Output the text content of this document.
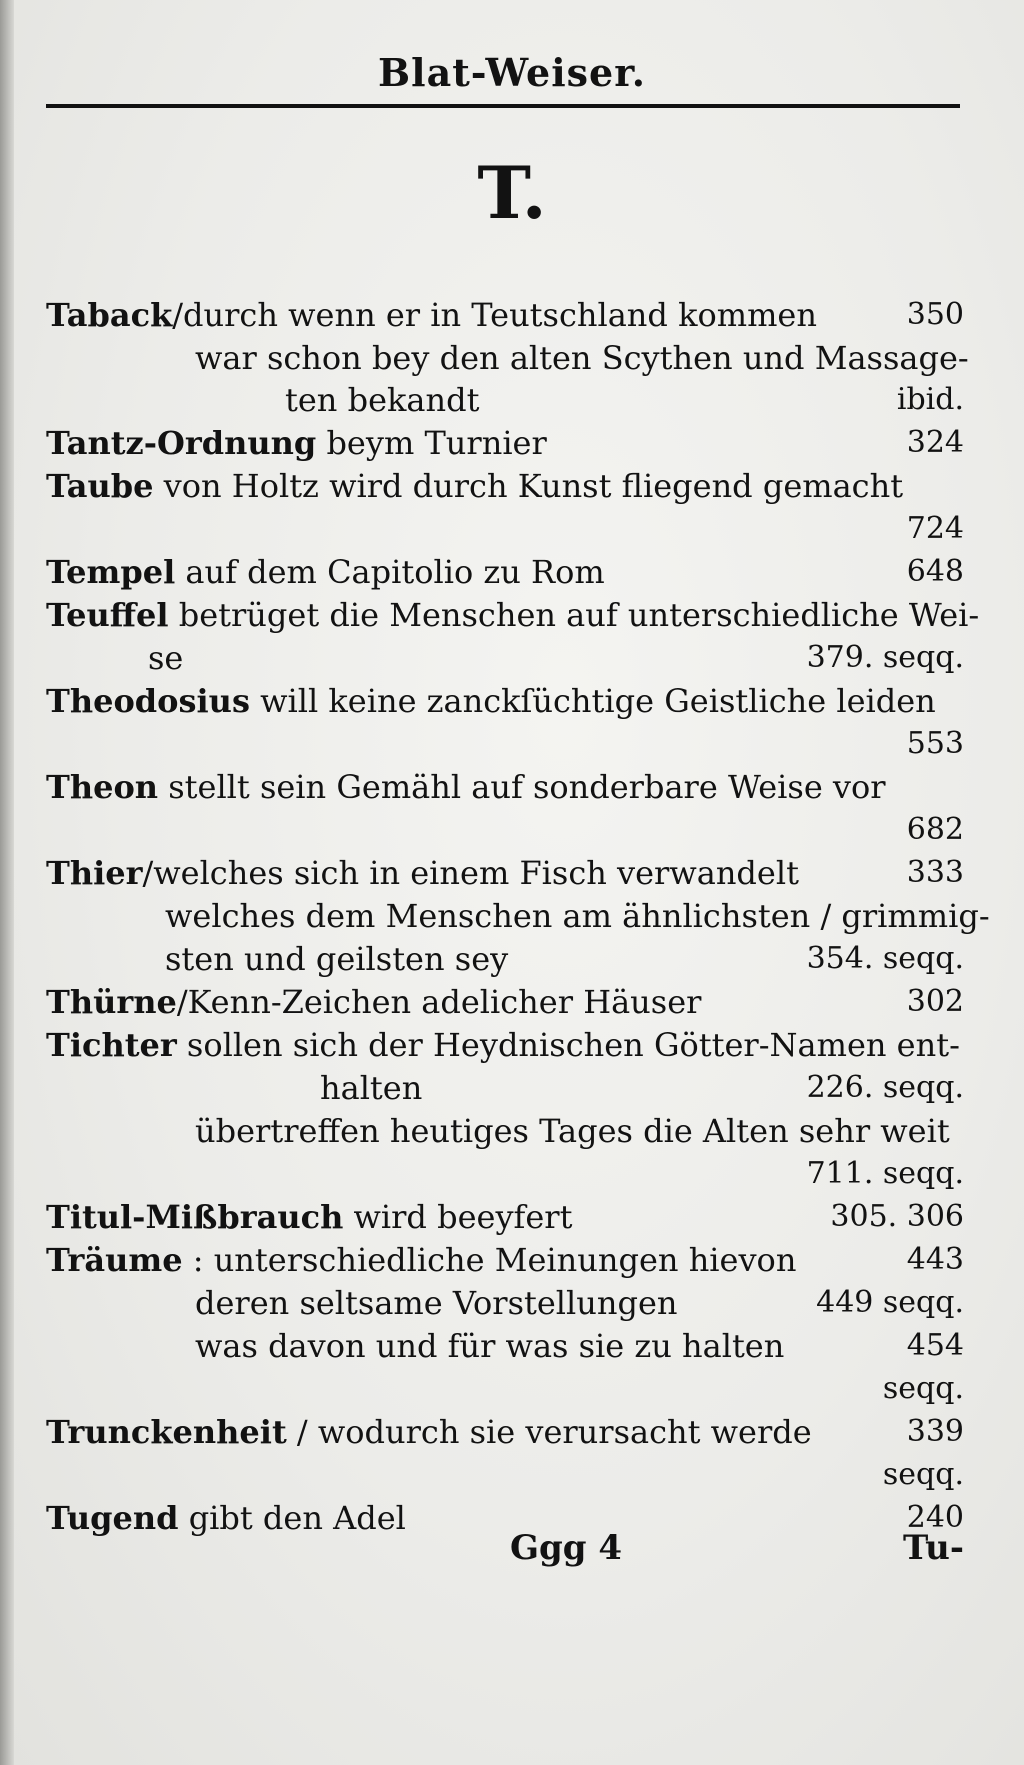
Blat-Weiser.
T.
Taback/durch wenn er in Teutschland kommen	350
war schon bey den alten Scythen und Massage-
ten bekandt	ibid.
Tantz-Ordnung beym Turnier	324
Taube von Holtz wird durch Kunst fliegend gemacht
724
Tempel auf dem Capitolio zu Rom	648
Teuffel betrüget die Menschen auf unterschiedliche Wei-
se	379. seqq.
Theodosius will keine zanckſüchtige Geistliche leiden
553
Theon stellt sein Gemähl auf sonderbare Weise vor
682
Thier/welches sich in einem Fisch verwandelt	333
welches dem Menschen am ähnlichsten / grimmig-
sten und geilsten sey	354. seqq.
Thürne/Kenn-Zeichen adelicher Häuser	302
Tichter sollen sich der Heydnischen Götter-Namen ent-
halten	226. seqq.
übertreffen heutiges Tages die Alten sehr weit
711. seqq.
Titul-Mißbrauch wird beeyfert	305. 306
Träume : unterschiedliche Meinungen hievon	443
deren seltsame Vorstellungen	449 seqq.
was davon und für was sie zu halten	454
seqq.
Trunckenheit / wodurch sie verursacht werde	339
seqq.
Tugend gibt den Adel	240
Ggg 4	Tu-
